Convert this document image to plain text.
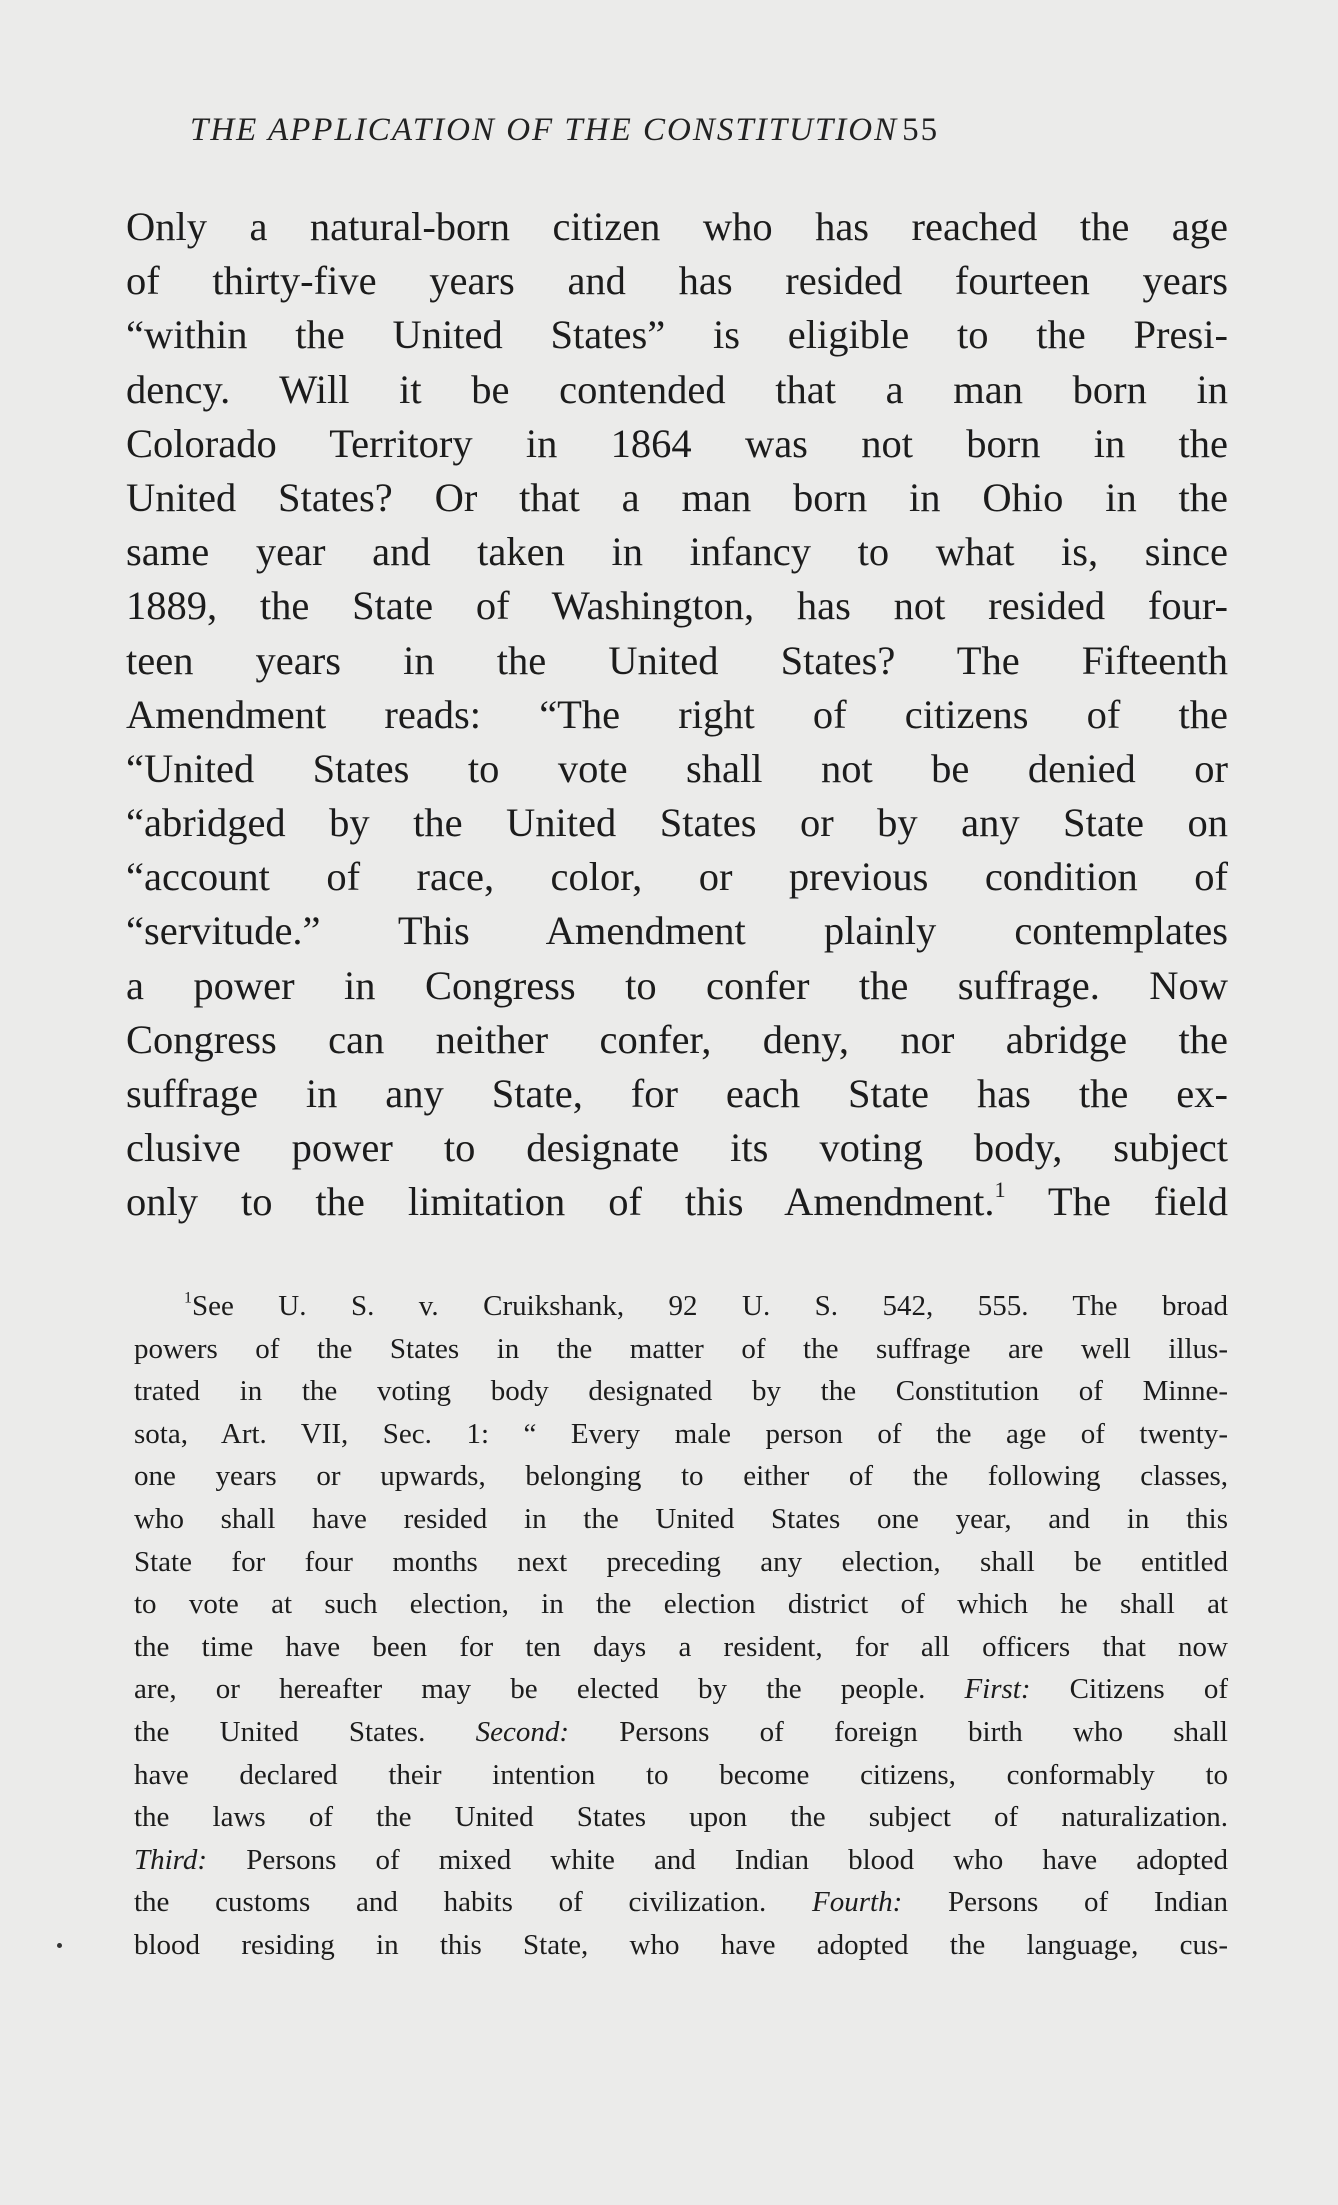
THE APPLICATION OF THE CONSTITUTION 55
Only a natural-born citizen who has reached the age
of thirty-five years and has resided fourteen years
“within the United States” is eligible to the Presi-
dency. Will it be contended that a man born in
Colorado Territory in 1864 was not born in the
United States? Or that a man born in Ohio in the
same year and taken in infancy to what is, since
1889, the State of Washington, has not resided four-
teen years in the United States? The Fifteenth
Amendment reads: “The right of citizens of the
“United States to vote shall not be denied or
“abridged by the United States or by any State on
“account of race, color, or previous condition of
“servitude.” This Amendment plainly contemplates
a power in Congress to confer the suffrage. Now
Congress can neither confer, deny, nor abridge the
suffrage in any State, for each State has the ex-
clusive power to designate its voting body, subject
only to the limitation of this Amendment.$^1$ The field
$^1$See U. S. v. Cruikshank, 92 U. S. 542, 555. The broad
powers of the States in the matter of the suffrage are well illus-
trated in the voting body designated by the Constitution of Minne-
sota, Art. VII, Sec. 1: “ Every male person of the age of twenty-
one years or upwards, belonging to either of the following classes,
who shall have resided in the United States one year, and in this
State for four months next preceding any election, shall be entitled
to vote at such election, in the election district of which he shall at
the time have been for ten days a resident, for all officers that now
are, or hereafter may be elected by the people. First: Citizens of
the United States. Second: Persons of foreign birth who shall
have declared their intention to become citizens, conformably to
the laws of the United States upon the subject of naturalization.
Third: Persons of mixed white and Indian blood who have adopted
the customs and habits of civilization. Fourth: Persons of Indian
blood residing in this State, who have adopted the language, cus-
